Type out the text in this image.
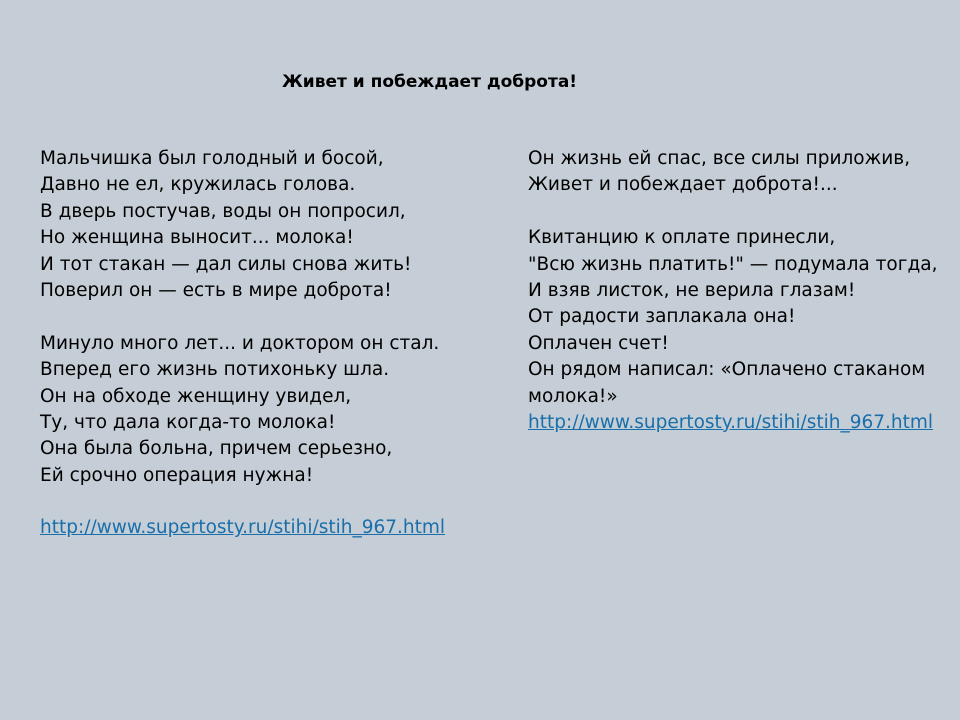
Живет и побеждает доброта!
Мальчишка был голодный и босой,
Давно не ел, кружилась голова.
В дверь постучав, воды он попросил,
Но женщина выносит... молока!
И тот стакан — дал силы снова жить!
Поверил он — есть в мире доброта!
Минуло много лет... и доктором он стал.
Вперед его жизнь потихоньку шла.
Он на обходе женщину увидел,
Ту, что дала когда-то молока!
Она была больна, причем серьезно,
Ей срочно операция нужна!
http://www.supertosty.ru/stihi/stih_967.html
Он жизнь ей спас, все силы приложив,
Живет и побеждает доброта!...
Квитанцию к оплате принесли,
"Всю жизнь платить!" — подумала тогда,
И взяв листок, не верила глазам!
От радости заплакала она!
Оплачен счет!
Он рядом написал: «Оплачено стаканом
молока!»
http://www.supertosty.ru/stihi/stih_967.html
